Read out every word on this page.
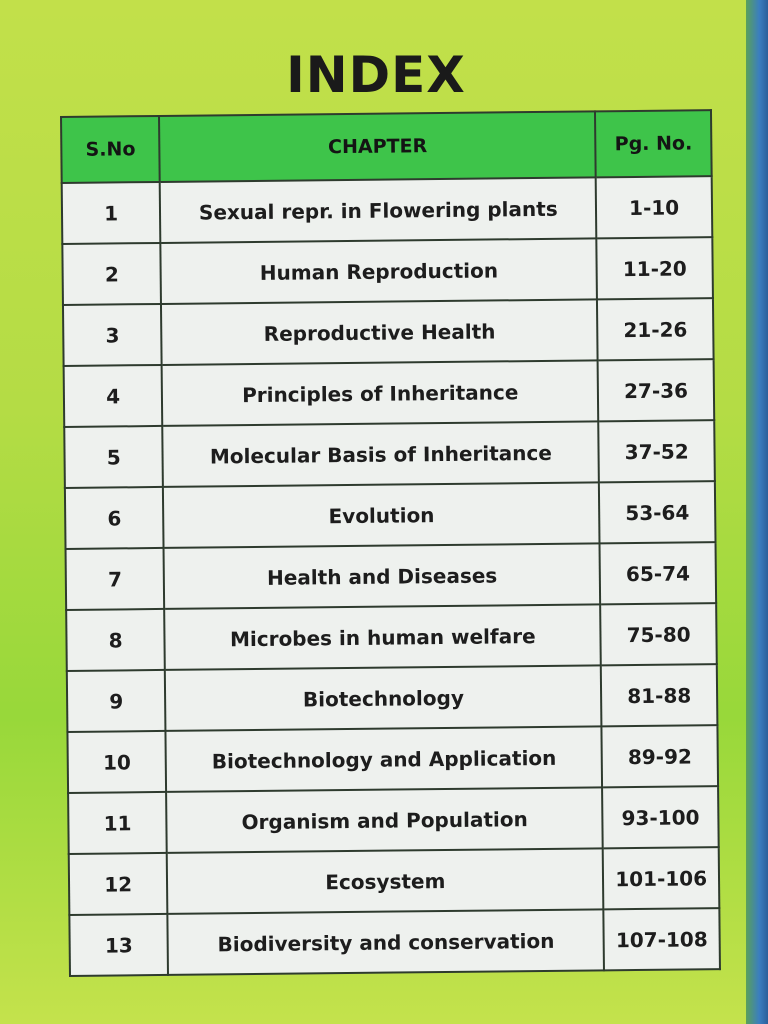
INDEX
S.No	CHAPTER	Pg. No.
1	Sexual repr. in Flowering plants	1-10
2	Human Reproduction	11-20
3	Reproductive Health	21-26
4	Principles of Inheritance	27-36
5	Molecular Basis of Inheritance	37-52
6	Evolution	53-64
7	Health and Diseases	65-74
8	Microbes in human welfare	75-80
9	Biotechnology	81-88
10	Biotechnology and Application	89-92
11	Organism and Population	93-100
12	Ecosystem	101-106
13	Biodiversity and conservation	107-108
